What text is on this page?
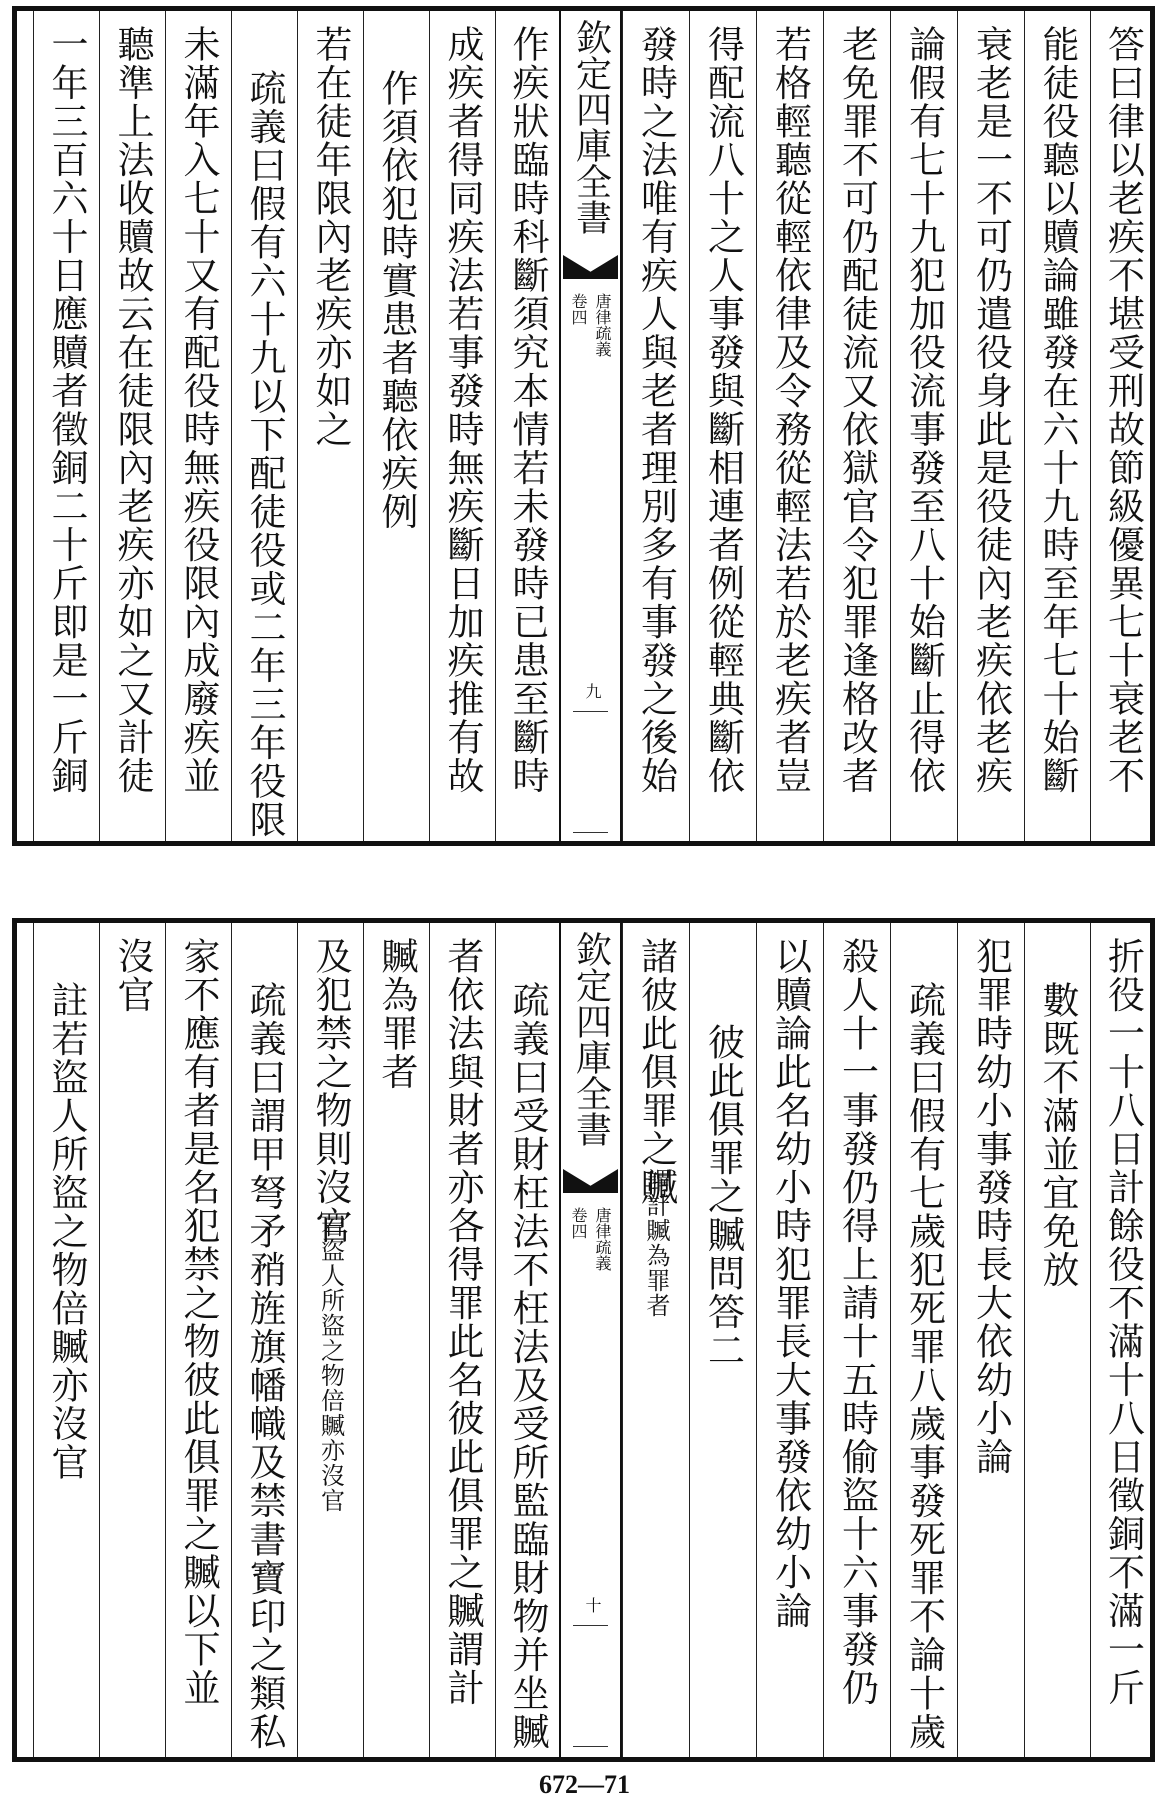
答曰律以老疾不堪受刑故節級優異七十衰老不
能徒役聽以贖論雖發在六十九時至年七十始斷
衰老是一不可仍遣役身此是役徒內老疾依老疾
論假有七十九犯加役流事發至八十始斷止得依
老免罪不可仍配徒流又依獄官令犯罪逢格改者
若格輕聽從輕依律及令務從輕法若於老疾者豈
得配流八十之人事發與斷相連者例從輕典斷依
發時之法唯有疾人與老者理別多有事發之後始
欽定四庫全書
唐律疏義
卷四
九
作疾狀臨時科斷須究本情若未發時已患至斷時
成疾者得同疾法若事發時無疾斷日加疾推有故
作須依犯時實患者聽依疾例
若在徒年限內老疾亦如之
疏義曰假有六十九以下配徒役或二年三年役限
未滿年入七十又有配役時無疾役限內成廢疾並
聽準上法收贖故云在徒限內老疾亦如之又計徒
一年三百六十日應贖者徵銅二十斤即是一斤銅
折役一十八日計餘役不滿十八日徵銅不滿一斤
數既不滿並宜免放
犯罪時幼小事發時長大依幼小論
疏義曰假有七歲犯死罪八歲事發死罪不論十歲
殺人十一事發仍得上請十五時偷盜十六事發仍
以贖論此名幼小時犯罪長大事發依幼小論
彼此俱罪之贓問答二
諸彼此俱罪之贓
謂計贓為罪者
欽定四庫全書
唐律疏義
卷四
十
疏義曰受財枉法不枉法及受所監臨財物并坐贓
者依法與財者亦各得罪此名彼此俱罪之贓謂計
贓為罪者
及犯禁之物則沒官
若盜人所盜之物倍贓亦沒官
疏義曰謂甲弩矛矟旌旗幡幟及禁書寶印之類私
家不應有者是名犯禁之物彼此俱罪之贓以下並
沒官
註若盜人所盜之物倍贓亦沒官
672—71
